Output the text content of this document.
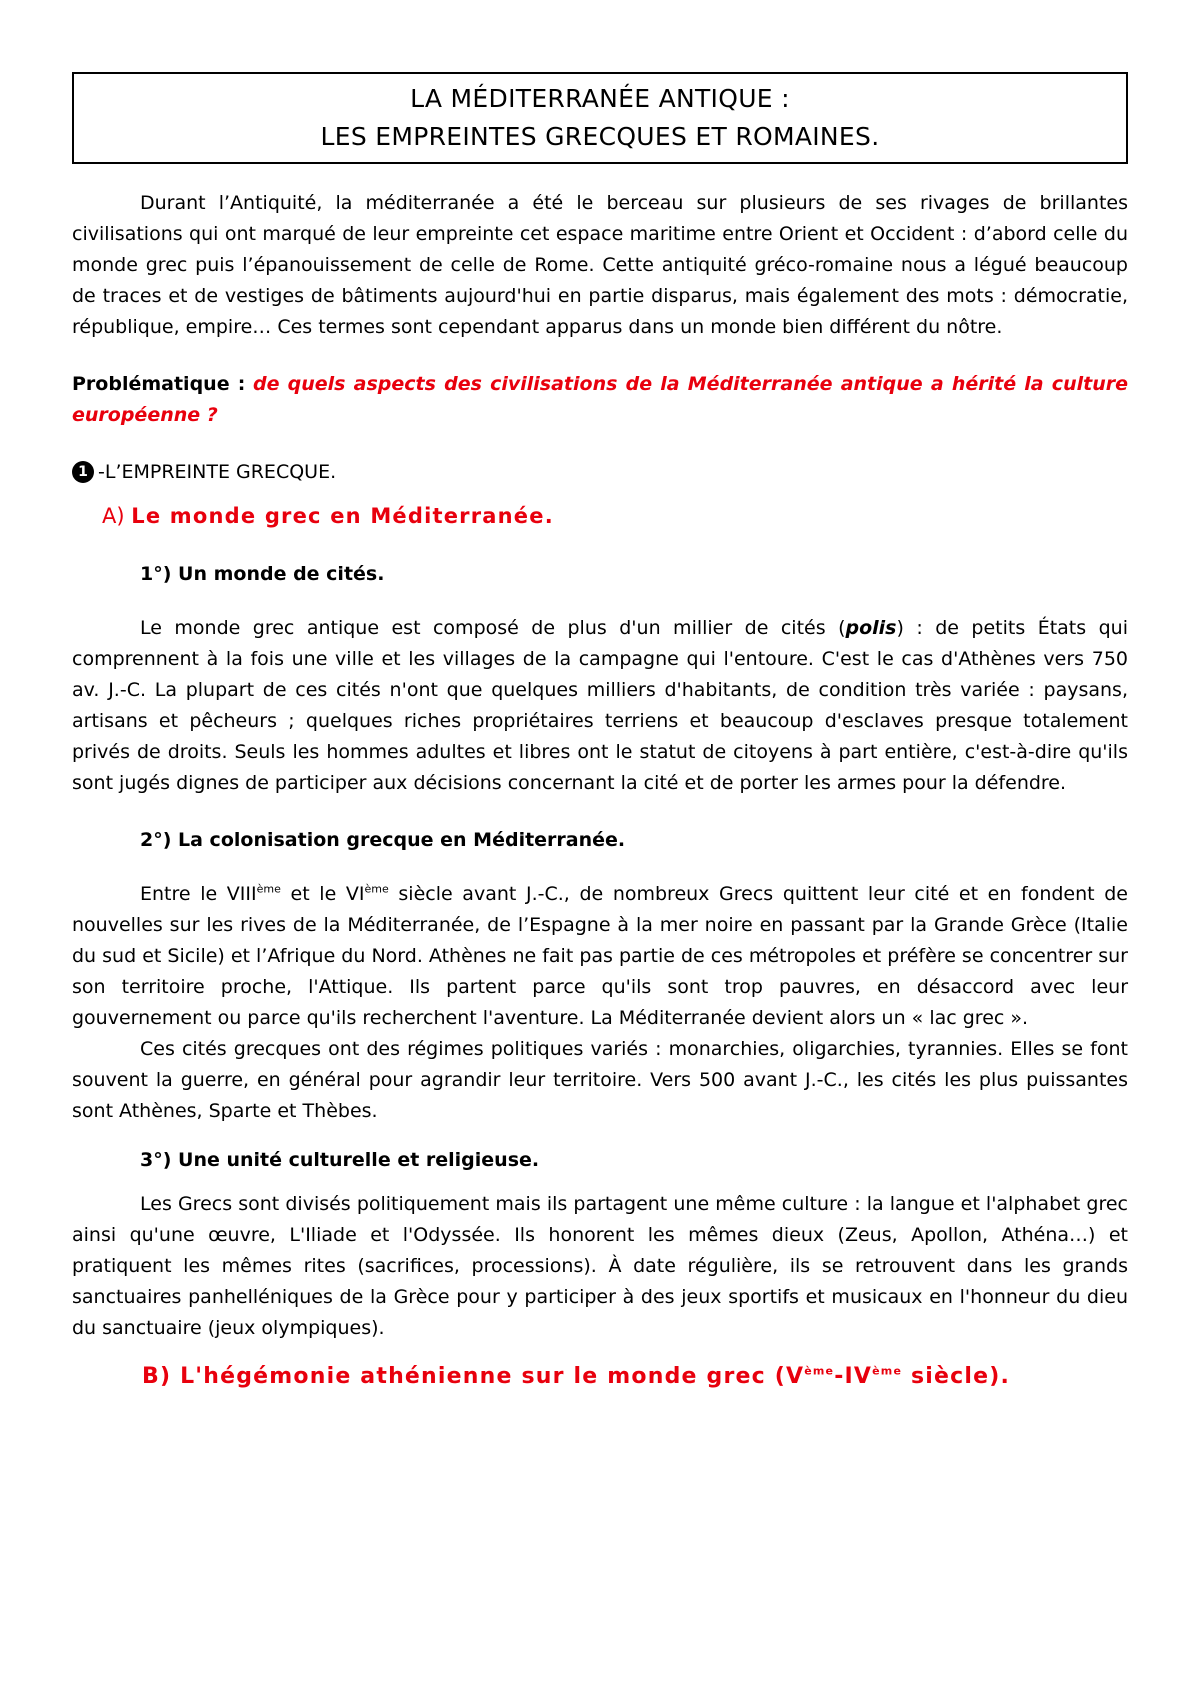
LA MÉDITERRANÉE ANTIQUE :
LES EMPREINTES GRECQUES ET ROMAINES.

Durant l’Antiquité, la méditerranée a été le berceau sur plusieurs de ses rivages de brillantes civilisations qui ont marqué de leur empreinte cet espace maritime entre Orient et Occident : d’abord celle du monde grec puis l’épanouissement de celle de Rome. Cette antiquité gréco-romaine nous a légué beaucoup de traces et de vestiges de bâtiments aujourd'hui en partie disparus, mais également des mots : démocratie, république, empire… Ces termes sont cependant apparus dans un monde bien différent du nôtre.

Problématique : de quels aspects des civilisations de la Méditerranée antique a hérité la culture européenne ?

1 -L’EMPREINTE GRECQUE.
A) Le monde grec en Méditerranée.
1°) Un monde de cités.

Le monde grec antique est composé de plus d'un millier de cités (polis) : de petits États qui comprennent à la fois une ville et les villages de la campagne qui l'entoure. C'est le cas d'Athènes vers 750 av. J.-C. La plupart de ces cités n'ont que quelques milliers d'habitants, de condition très variée : paysans, artisans et pêcheurs ; quelques riches propriétaires terriens et beaucoup d'esclaves presque totalement privés de droits. Seuls les hommes adultes et libres ont le statut de citoyens à part entière, c'est-à-dire qu'ils sont jugés dignes de participer aux décisions concernant la cité et de porter les armes pour la défendre.

2°) La colonisation grecque en Méditerranée.

Entre le VIIIème et le VIème siècle avant J.-C., de nombreux Grecs quittent leur cité et en fondent de nouvelles sur les rives de la Méditerranée, de l’Espagne à la mer noire en passant par la Grande Grèce (Italie du sud et Sicile) et l’Afrique du Nord. Athènes ne fait pas partie de ces métropoles et préfère se concentrer sur son territoire proche, l'Attique. Ils partent parce qu'ils sont trop pauvres, en désaccord avec leur gouvernement ou parce qu'ils recherchent l'aventure. La Méditerranée devient alors un « lac grec ».

Ces cités grecques ont des régimes politiques variés : monarchies, oligarchies, tyrannies. Elles se font souvent la guerre, en général pour agrandir leur territoire. Vers 500 avant J.-C., les cités les plus puissantes sont Athènes, Sparte et Thèbes.

3°) Une unité culturelle et religieuse.

Les Grecs sont divisés politiquement mais ils partagent une même culture : la langue et l'alphabet grec ainsi qu'une œuvre, L'Iliade et l'Odyssée. Ils honorent les mêmes dieux (Zeus, Apollon, Athéna…) et pratiquent les mêmes rites (sacrifices, processions). À date régulière, ils se retrouvent dans les grands sanctuaires panhelléniques de la Grèce pour y participer à des jeux sportifs et musicaux en l'honneur du dieu du sanctuaire (jeux olympiques).

B) L'hégémonie athénienne sur le monde grec (Vème-IVème siècle).
